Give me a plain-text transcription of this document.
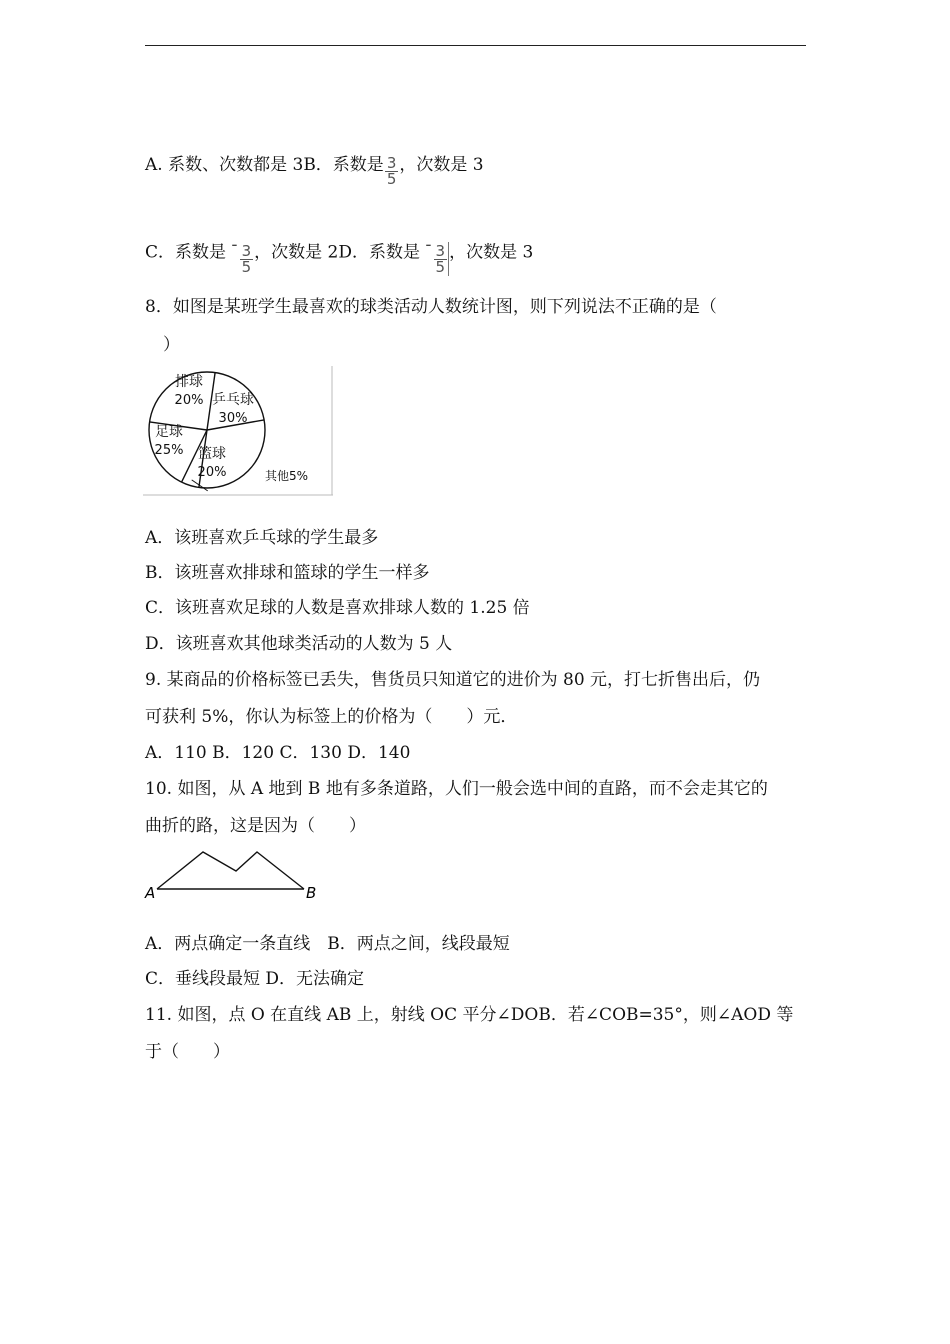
A. 系数、次数都是 3B．系数是 $\frac{3}{5}$ ，次数是 3
C．系数是 - $\frac{3}{5}$ ，次数是 2D．系数是 - $\frac{3}{5}$ ，次数是 3
8．如图是某班学生最喜欢的球类活动人数统计图，则下列说法不正确的是（
）
排球
20% 乒乓球
30%
其他5%
篮球
20%
足球
25%
A．该班喜欢乒乓球的学生最多
B．该班喜欢排球和篮球的学生一样多
C．该班喜欢足球的人数是喜欢排球人数的 1.25 倍
D．该班喜欢其他球类活动的人数为 5 人
9. 某商品的价格标签已丢失，售货员只知道它的进价为 80 元，打七折售出后，仍
可获利 5%，你认为标签上的价格为（　　）元．
A．110 B．120 C．130 D．140
10. 如图，从 A 地到 B 地有多条道路，人们一般会选中间的直路，而不会走其它的
曲折的路，这是因为（　　）
A	B
A．两点确定一条直线　B．两点之间，线段最短
C．垂线段最短 D．无法确定
11. 如图，点 O 在直线 AB 上，射线 OC 平分∠DOB．若∠COB=35°，则∠AOD 等
于（　　）
